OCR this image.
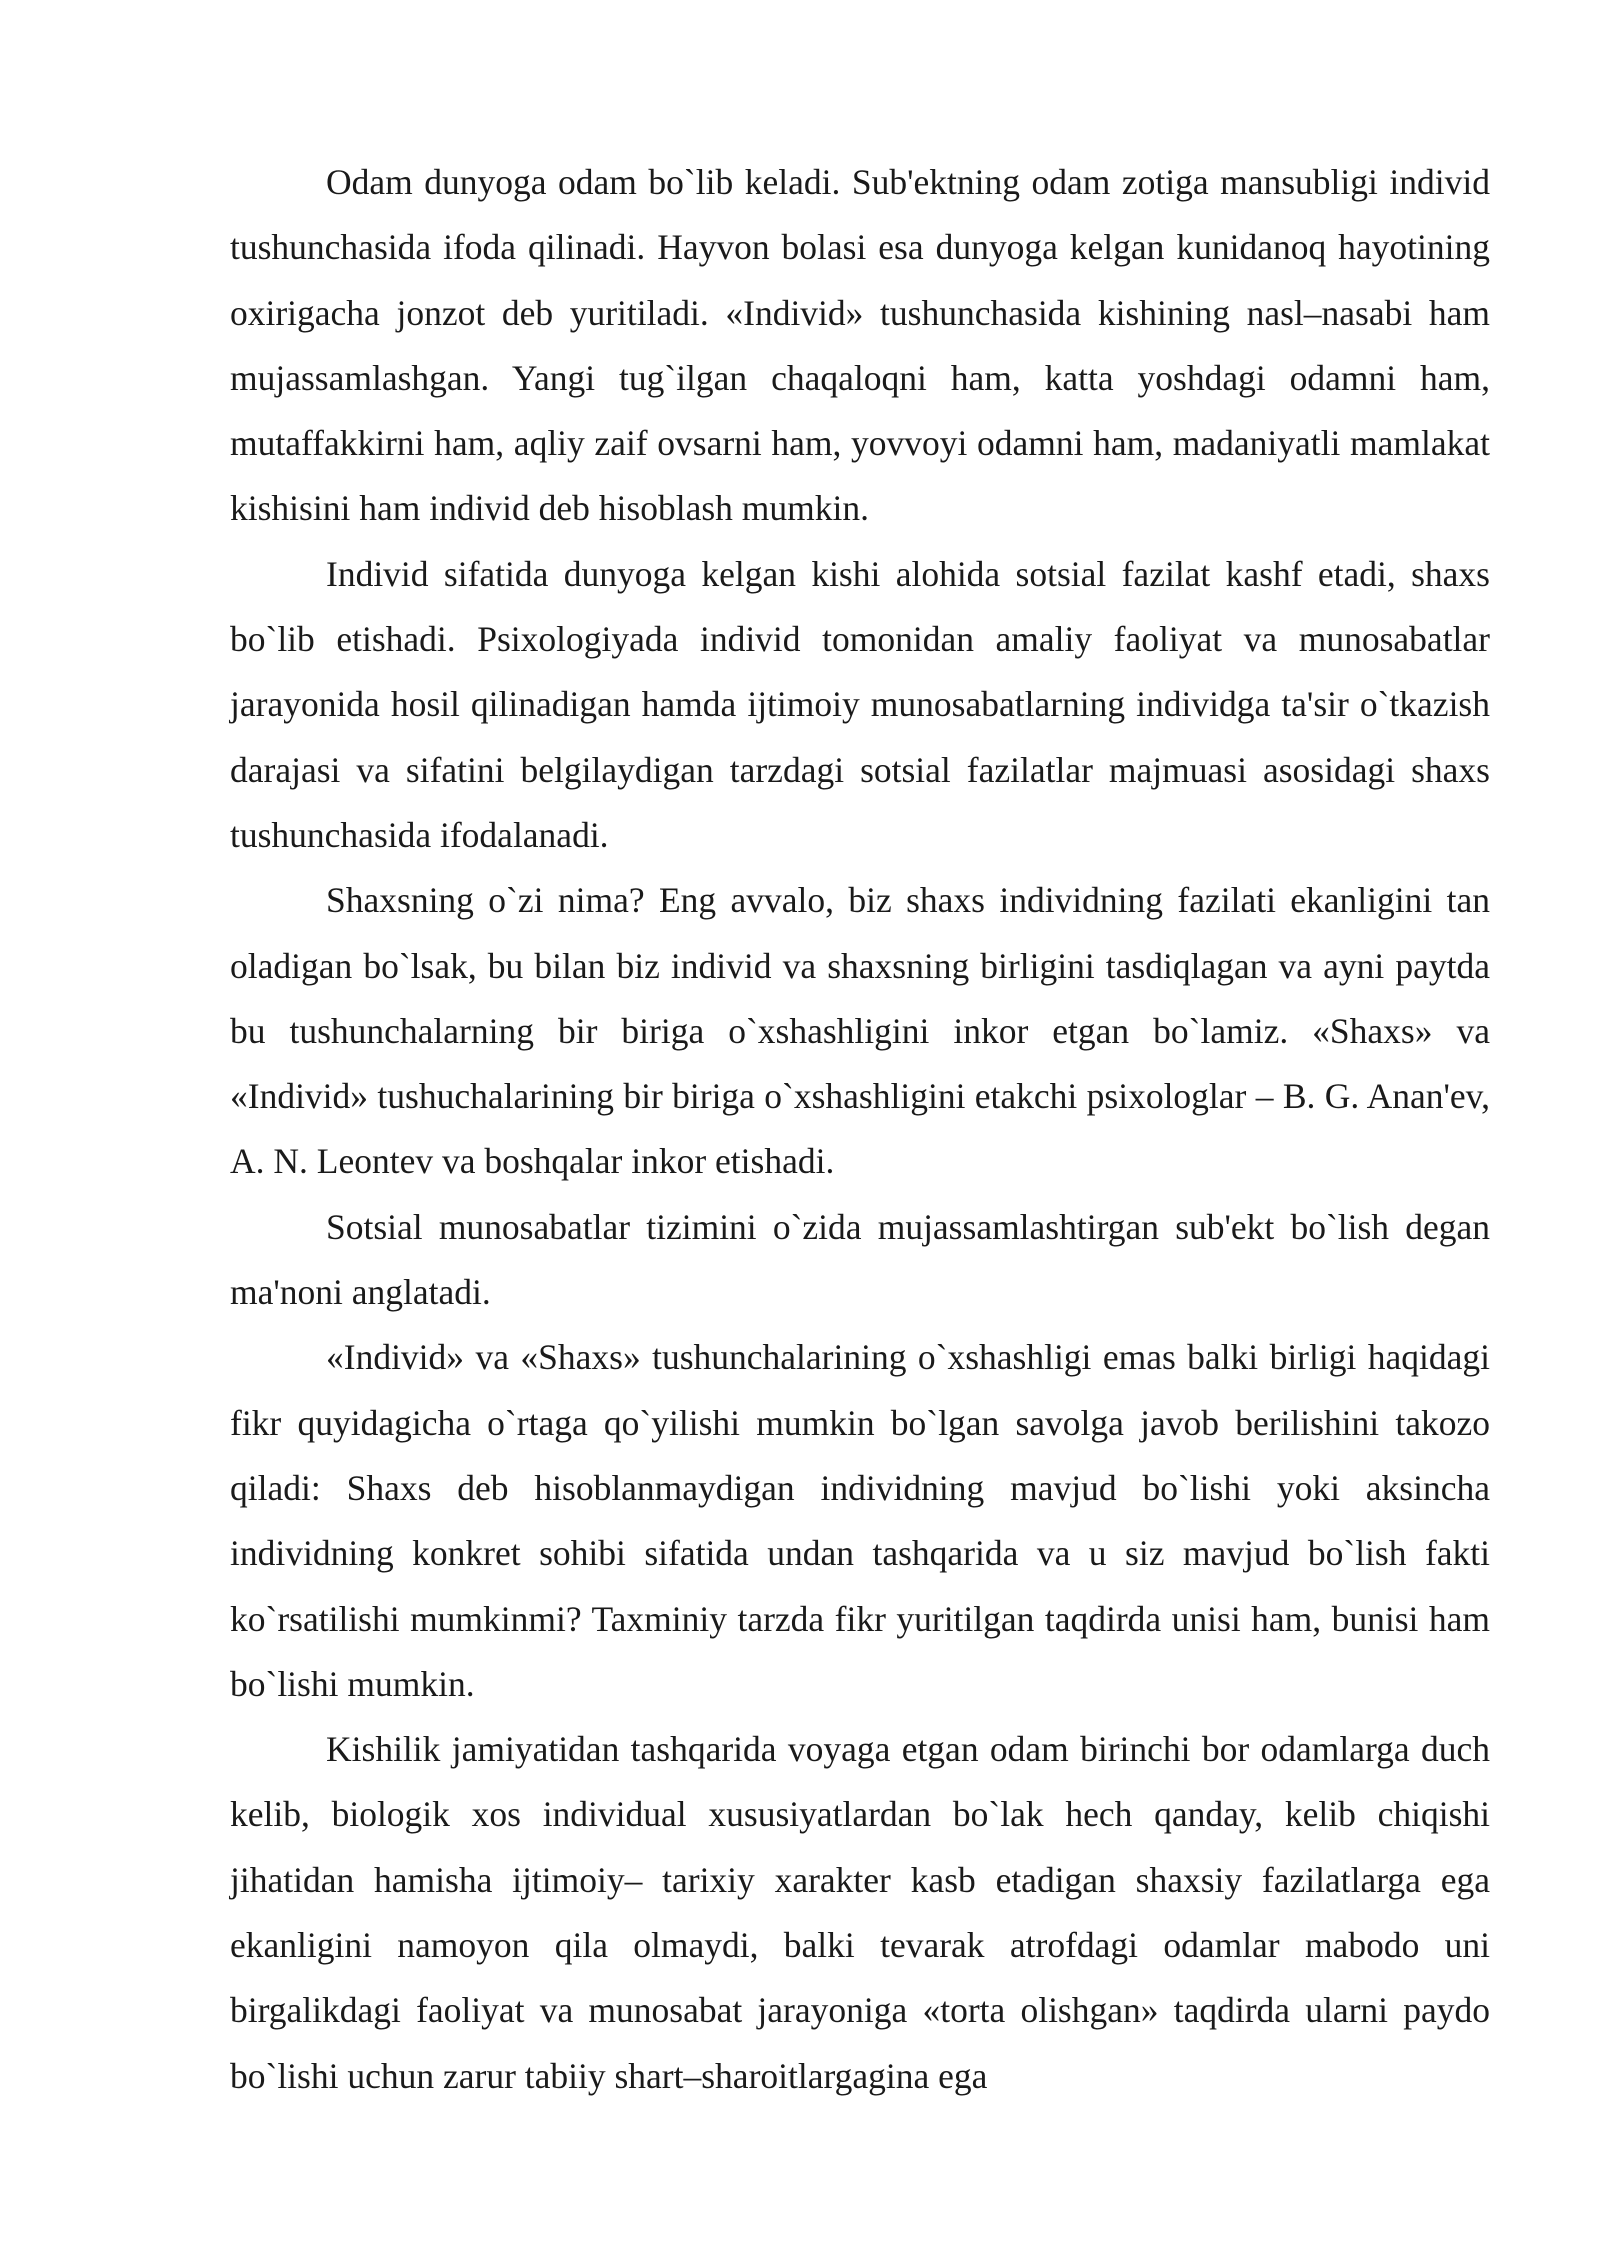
Odam dunyoga odam bo`lib keladi. Sub'ektning odam zotiga mansubligi individ tushunchasida ifoda qilinadi. Hayvon bolasi esa dunyoga kelgan kunidanoq hayotining oxirigacha jonzot deb yuritiladi. «Individ» tushunchasida kishining nasl–nasabi ham mujassamlashgan. Yangi tug`ilgan chaqaloqni ham, katta yoshdagi odamni ham, mutaffakkirni ham, aqliy zaif ovsarni ham, yovvoyi odamni ham, madaniyatli mamlakat kishisini ham individ deb hisoblash mumkin.

Individ sifatida dunyoga kelgan kishi alohida sotsial fazilat kashf etadi, shaxs bo`lib etishadi. Psixologiyada individ tomonidan amaliy faoliyat va munosabatlar jarayonida hosil qilinadigan hamda ijtimoiy munosabatlarning individga ta'sir o`tkazish darajasi va sifatini belgilaydigan tarzdagi sotsial fazilatlar majmuasi asosidagi shaxs tushunchasida ifodalanadi.

Shaxsning o`zi nima? Eng avvalo, biz shaxs individning fazilati ekanligini tan oladigan bo`lsak, bu bilan biz individ va shaxsning birligini tasdiqlagan va ayni paytda bu tushunchalarning bir biriga o`xshashligini inkor etgan bo`lamiz. «Shaxs» va «Individ» tushuchalarining bir biriga o`xshashligini etakchi psixologlar – B. G. Anan'ev, A. N. Leontev va boshqalar inkor etishadi.

Sotsial munosabatlar tizimini o`zida mujassamlashtirgan sub'ekt bo`lish degan ma'noni anglatadi.

«Individ» va «Shaxs» tushunchalarining o`xshashligi emas balki birligi haqidagi fikr quyidagicha o`rtaga qo`yilishi mumkin bo`lgan savolga javob berilishini takozo qiladi: Shaxs deb hisoblanmaydigan individning mavjud bo`lishi yoki aksincha individning konkret sohibi sifatida undan tashqarida va u siz mavjud bo`lish fakti ko`rsatilishi mumkinmi? Taxminiy tarzda fikr yuritilgan taqdirda unisi ham, bunisi ham bo`lishi mumkin.

Kishilik jamiyatidan tashqarida voyaga etgan odam birinchi bor odamlarga duch kelib, biologik xos individual xususiyatlardan bo`lak hech qanday, kelib chiqishi jihatidan hamisha ijtimoiy– tarixiy xarakter kasb etadigan shaxsiy fazilatlarga ega ekanligini namoyon qila olmaydi, balki tevarak atrofdagi odamlar mabodo uni birgalikdagi faoliyat va munosabat jarayoniga «torta olishgan» taqdirda ularni paydo bo`lishi uchun zarur tabiiy shart–sharoitlargagina ega
